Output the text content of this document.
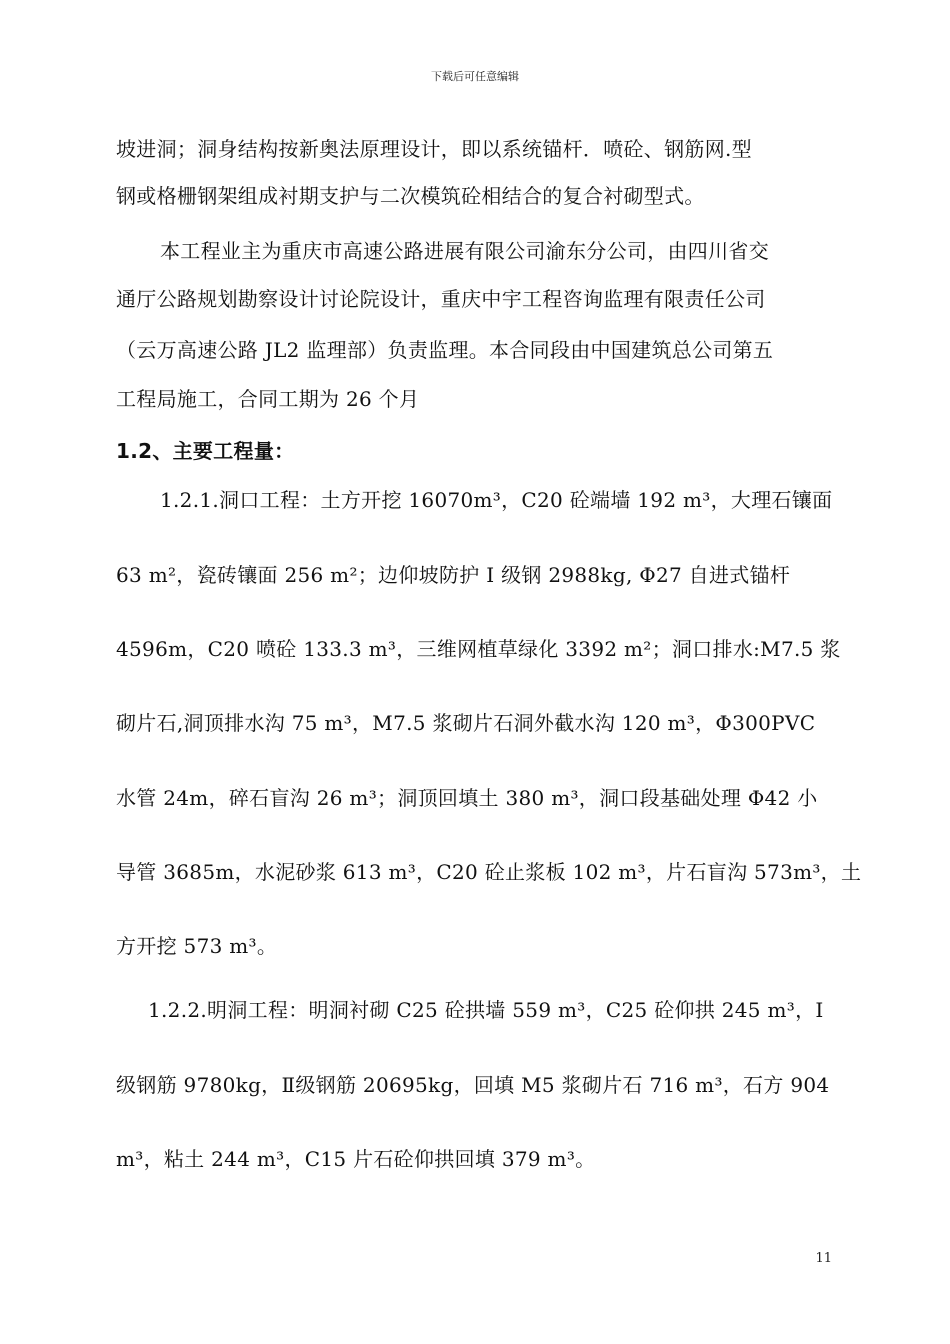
下载后可任意编辑
坡进洞；洞身结构按新奥法原理设计，即以系统锚杆．喷砼、钢筋网.型
钢或格栅钢架组成衬期支护与二次模筑砼相结合的复合衬砌型式。
本工程业主为重庆市高速公路进展有限公司渝东分公司，由四川省交
通厅公路规划勘察设计讨论院设计，重庆中宇工程咨询监理有限责任公司
（云万高速公路 JL2 监理部）负责监理。本合同段由中国建筑总公司第五
工程局施工，合同工期为 26 个月
1.2、主要工程量：
1.2.1.洞口工程：土方开挖 16070m³，C20 砼端墙 192 m³，大理石镶面
63 m²，瓷砖镶面 256 m²；边仰坡防护 I 级钢 2988kg, Φ27 自进式锚杆
4596m，C20 喷砼 133.3 m³，三维网植草绿化 3392 m²；洞口排水:M7.5 浆
砌片石,洞顶排水沟 75 m³，M7.5 浆砌片石洞外截水沟 120 m³，Φ300PVC
水管 24m，碎石盲沟 26 m³；洞顶回填土 380 m³，洞口段基础处理 Φ42 小
导管 3685m，水泥砂浆 613 m³，C20 砼止浆板 102 m³，片石盲沟 573m³，土
方开挖 573 m³。
1.2.2.明洞工程：明洞衬砌 C25 砼拱墙 559 m³，C25 砼仰拱 245 m³，I
级钢筋 9780kg，Ⅱ级钢筋 20695kg，回填 M5 浆砌片石 716 m³，石方 904
m³，粘土 244 m³，C15 片石砼仰拱回填 379 m³。
11
